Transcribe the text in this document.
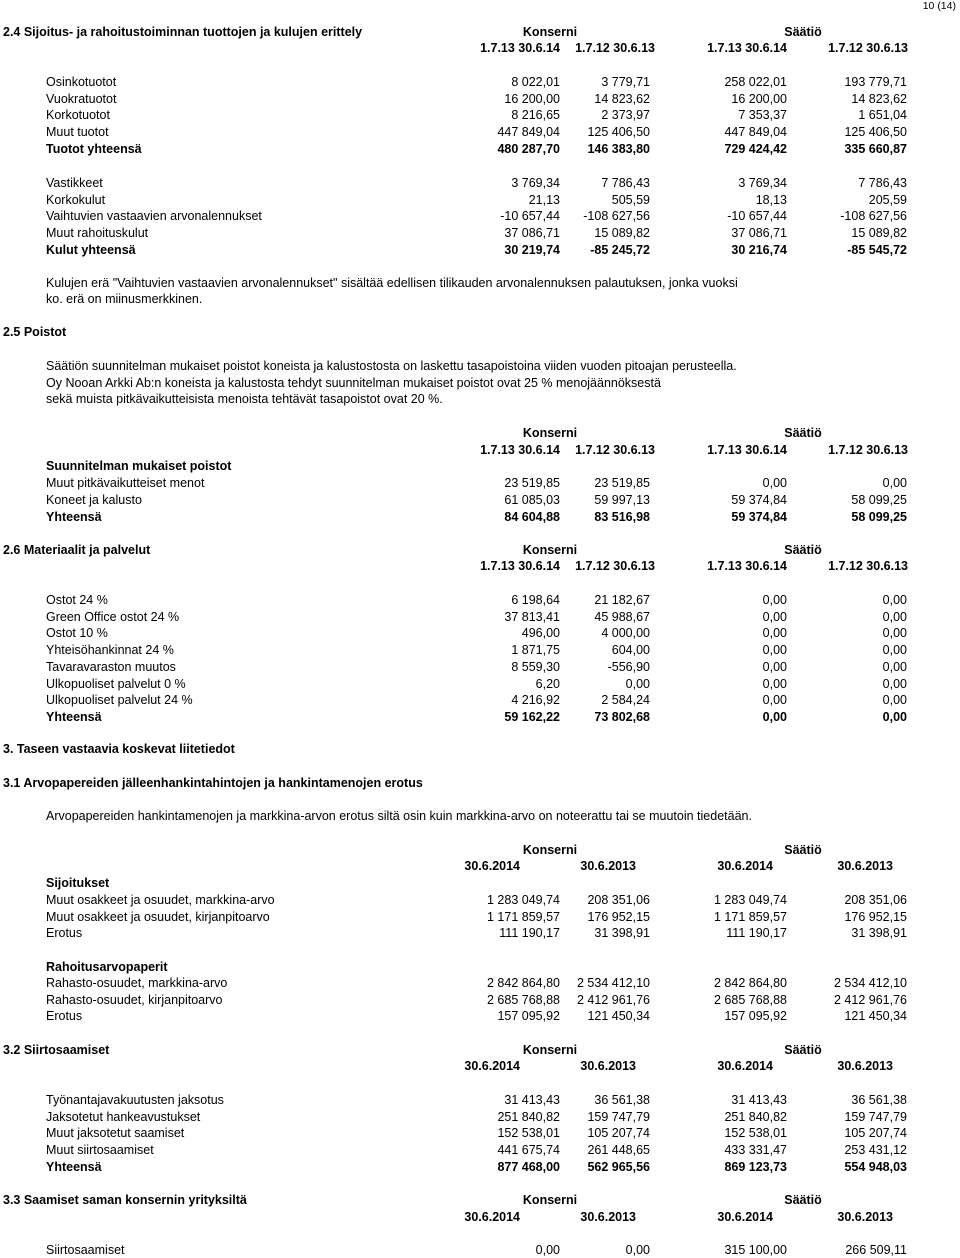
10 (14)
2.4 Sijoitus- ja rahoitustoiminnan tuottojen ja kulujen erittely	Konserni	Säätiö
1.7.13 30.6.14	1.7.12 30.6.13	1.7.13 30.6.14	1.7.12 30.6.13
Osinkotuotot	8 022,01	3 779,71	258 022,01	193 779,71
Vuokratuotot	16 200,00	14 823,62	16 200,00	14 823,62
Korkotuotot	8 216,65	2 373,97	7 353,37	1 651,04
Muut tuotot	447 849,04	125 406,50	447 849,04	125 406,50
Tuotot yhteensä	480 287,70	146 383,80	729 424,42	335 660,87
Vastikkeet	3 769,34	7 786,43	3 769,34	7 786,43
Korkokulut	21,13	505,59	18,13	205,59
Vaihtuvien vastaavien arvonalennukset	-10 657,44	-108 627,56	-10 657,44	-108 627,56
Muut rahoituskulut	37 086,71	15 089,82	37 086,71	15 089,82
Kulut yhteensä	30 219,74	-85 245,72	30 216,74	-85 545,72
Kulujen erä "Vaihtuvien vastaavien arvonalennukset" sisältää edellisen tilikauden arvonalennuksen palautuksen, jonka vuoksi
ko. erä on miinusmerkkinen.
2.5 Poistot
Säätiön suunnitelman mukaiset poistot koneista ja kalustostosta on laskettu tasapoistoina viiden vuoden pitoajan perusteella.
Oy Nooan Arkki Ab:n koneista ja kalustosta tehdyt suunnitelman mukaiset poistot ovat 25 % menojäännöksestä
sekä muista pitkävaikutteisista menoista tehtävät tasapoistot ovat 20 %.
Konserni	Säätiö
1.7.13 30.6.14	1.7.12 30.6.13	1.7.13 30.6.14	1.7.12 30.6.13
Suunnitelman mukaiset poistot
Muut pitkävaikutteiset menot	23 519,85	23 519,85	0,00	0,00
Koneet ja kalusto	61 085,03	59 997,13	59 374,84	58 099,25
Yhteensä	84 604,88	83 516,98	59 374,84	58 099,25
2.6 Materiaalit ja palvelut	Konserni	Säätiö
1.7.13 30.6.14	1.7.12 30.6.13	1.7.13 30.6.14	1.7.12 30.6.13
Ostot 24 %	6 198,64	21 182,67	0,00	0,00
Green Office ostot 24 %	37 813,41	45 988,67	0,00	0,00
Ostot 10 %	496,00	4 000,00	0,00	0,00
Yhteisöhankinnat 24 %	1 871,75	604,00	0,00	0,00
Tavaravaraston muutos	8 559,30	-556,90	0,00	0,00
Ulkopuoliset palvelut 0 %	6,20	0,00	0,00	0,00
Ulkopuoliset palvelut 24 %	4 216,92	2 584,24	0,00	0,00
Yhteensä	59 162,22	73 802,68	0,00	0,00
3. Taseen vastaavia koskevat liitetiedot
3.1 Arvopapereiden jälleenhankintahintojen ja hankintamenojen erotus
Arvopapereiden hankintamenojen ja markkina-arvon erotus siltä osin kuin markkina-arvo on noteerattu tai se muutoin tiedetään.
Konserni	Säätiö
30.6.2014	30.6.2013	30.6.2014	30.6.2013
Sijoitukset
Muut osakkeet ja osuudet, markkina-arvo	1 283 049,74	208 351,06	1 283 049,74	208 351,06
Muut osakkeet ja osuudet, kirjanpitoarvo	1 171 859,57	176 952,15	1 171 859,57	176 952,15
Erotus	111 190,17	31 398,91	111 190,17	31 398,91
Rahoitusarvopaperit
Rahasto-osuudet, markkina-arvo	2 842 864,80	2 534 412,10	2 842 864,80	2 534 412,10
Rahasto-osuudet, kirjanpitoarvo	2 685 768,88	2 412 961,76	2 685 768,88	2 412 961,76
Erotus	157 095,92	121 450,34	157 095,92	121 450,34
3.2 Siirtosaamiset	Konserni	Säätiö
30.6.2014	30.6.2013	30.6.2014	30.6.2013
Työnantajavakuutusten jaksotus	31 413,43	36 561,38	31 413,43	36 561,38
Jaksotetut hankeavustukset	251 840,82	159 747,79	251 840,82	159 747,79
Muut jaksotetut saamiset	152 538,01	105 207,74	152 538,01	105 207,74
Muut siirtosaamiset	441 675,74	261 448,65	433 331,47	253 431,12
Yhteensä	877 468,00	562 965,56	869 123,73	554 948,03
3.3 Saamiset saman konsernin yrityksiltä	Konserni	Säätiö
30.6.2014	30.6.2013	30.6.2014	30.6.2013
Siirtosaamiset	0,00	0,00	315 100,00	266 509,11
